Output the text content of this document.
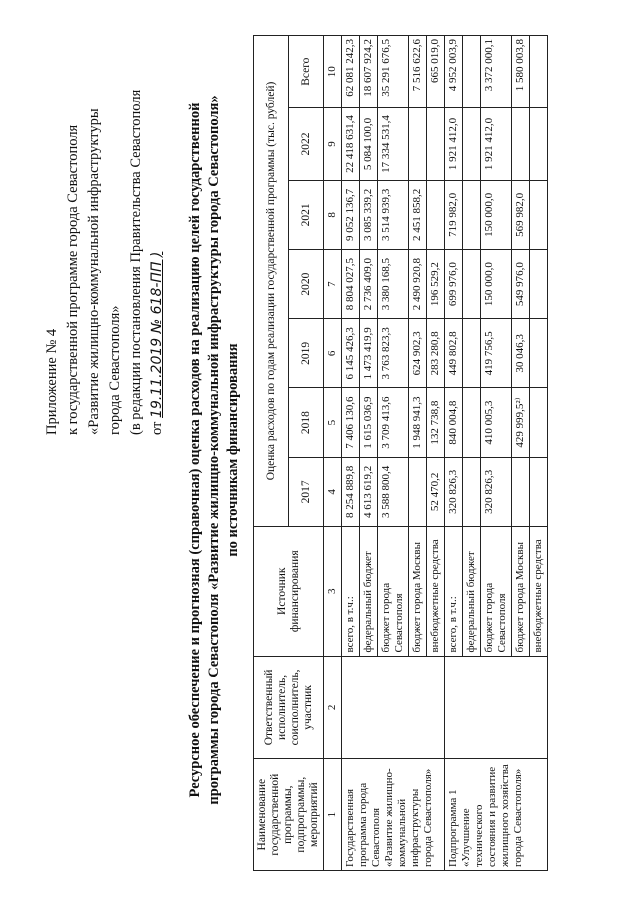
Приложение № 4 к государственной программе города Севастополя «Развитие жилищно-коммунальной инфраструктуры города Севастополя» (в редакции постановления Правительства Севастополя от 19.11.2019 № 618-ПП ) Ресурсное обеспечение и прогнозная (справочная) оценка расходов на реализацию целей государственной программы города Севастополя «Развитие жилищно-коммунальной инфраструктуры города Севастополя» по источникам финансирования
Наименование государственной программы, подпрограммы, мероприятий	Ответственный исполнитель, соисполнитель, участник	Источник финансирования	Оценка расходов по годам реализации государственной программы (тыс. рублей)						
			2017	2018	2019	2020	2021	2022	Всего
1	2	3	4	5	6	7	8	9	10
Государственная программа города Севастополя «Развитие жилищно-коммунальной инфраструктуры города Севастополя»		всего, в т.ч.:	8 254 889,8	7 406 130,6	6 145 426,3	8 804 027,5	9 052 136,7	22 418 631,4	62 081 242,3
		федеральный бюджет	4 613 619,2	1 615 036,9	1 473 419,9	2 736 409,0	3 085 339,2	5 084 100,0	18 607 924,2
		бюджет города Севастополя	3 588 800,4	3 709 413,6	3 763 823,3	3 380 168,5	3 514 939,3	17 334 531,4	35 291 676,5
		бюджет города Москвы		1 948 941,3	624 902,3	2 490 920,8	2 451 858,2		7 516 622,6
		внебюджетные средства	52 470,2	132 738,8	283 280,8	196 529,2			665 019,0
Подпрограмма 1 «Улучшение технического состояния и развитие жилищного хозяйства города Севастополя»		всего, в т.ч.:	320 826,3	840 004,8	449 802,8	699 976,0	719 982,0	1 921 412,0	4 952 003,9
		федеральный бюджет							
		бюджет города Севастополя	320 826,3	410 005,3	419 756,5	150 000,0	150 000,0	1 921 412,0	3 372 000,1
		бюджет города Москвы		429 999,5²⁾	30 046,3	549 976,0	569 982,0		1 580 003,8
		внебюджетные средства							
